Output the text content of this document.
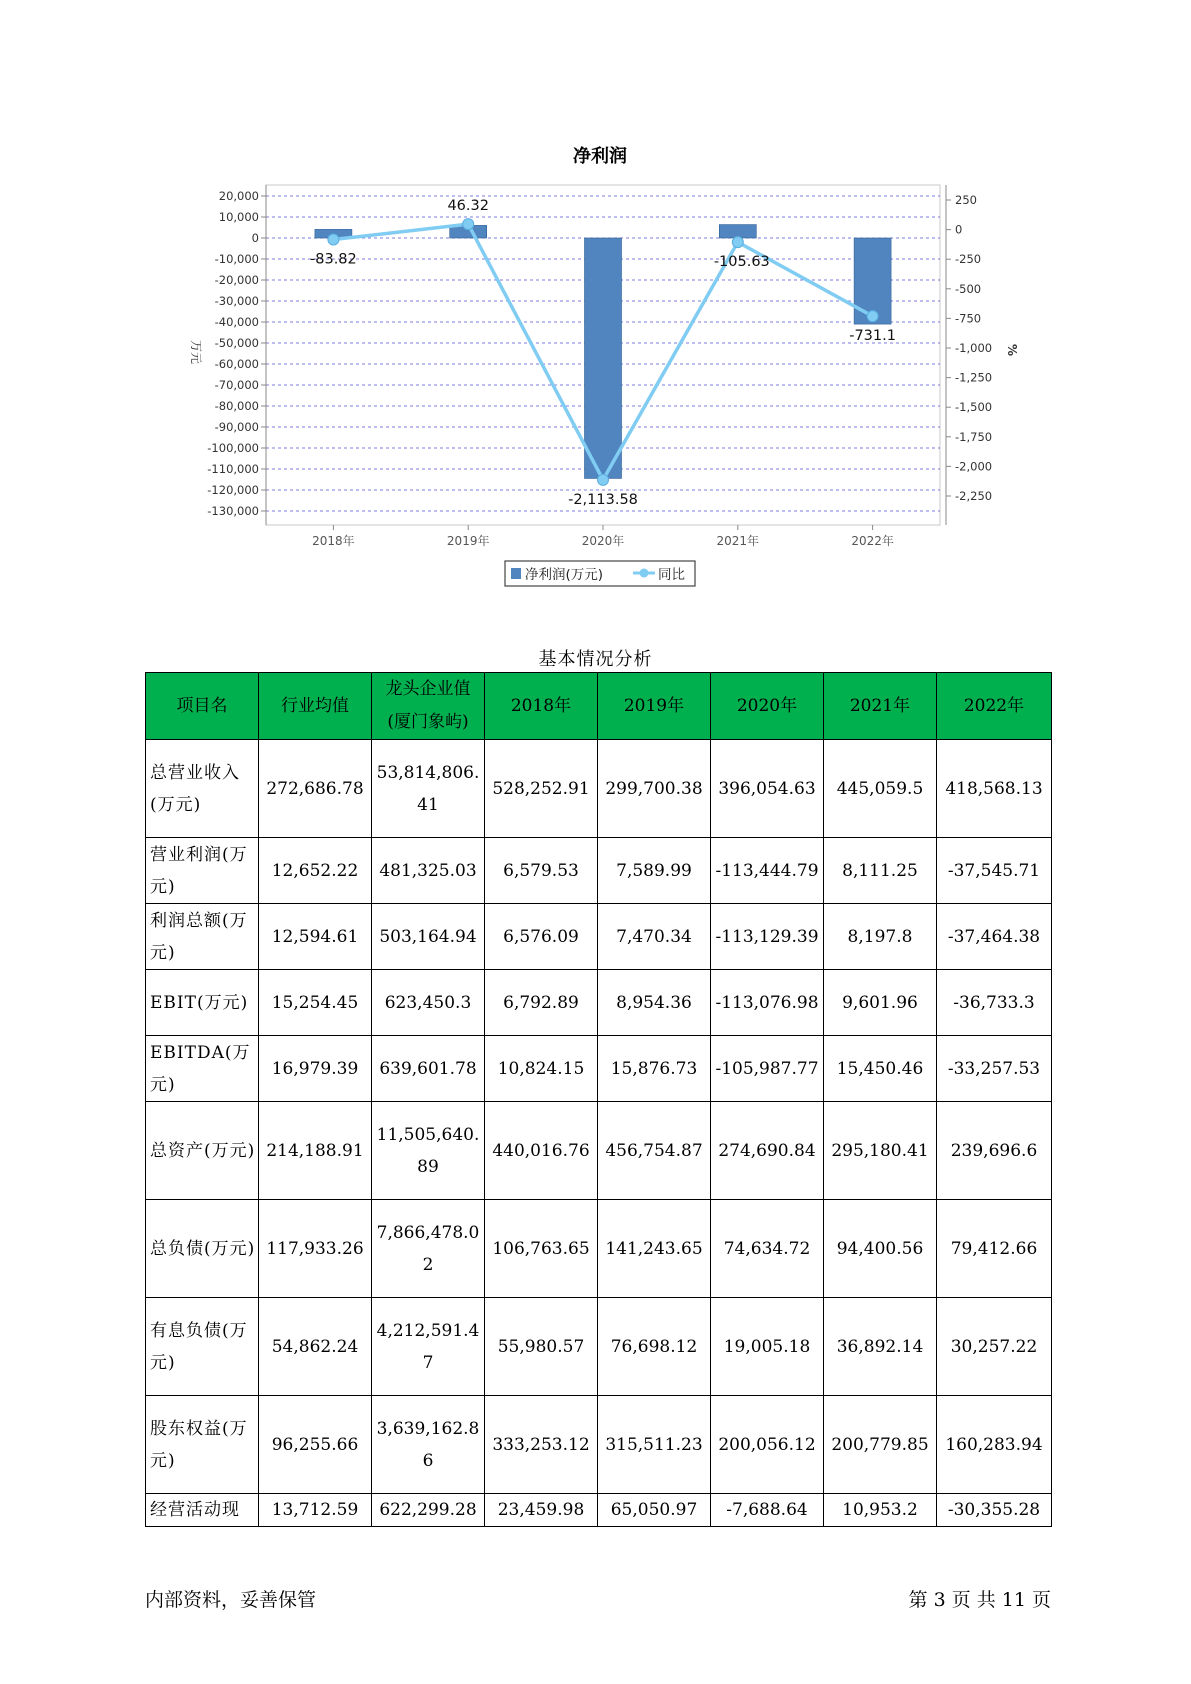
净利润
20,000
10,000
0
-10,000
-20,000
-30,000
-40,000
-50,000
-60,000
-70,000
-80,000
-90,000
-100,000
-110,000
-120,000
-130,000
250
0
-250
-500
-750
-1,000
-1,250
-1,500
-1,750
-2,000
-2,250
万元	%
2018年	2019年	2020年	2021年	2022年
-83.82
46.32
-2,113.58
-105.63
-731.1
净利润(万元)	同比
基本情况分析
项目名	行业均值	龙头企业值(厦门象屿)	2018年	2019年	2020年	2021年	2022年
总营业收入(万元)	272,686.78	53,814,806.41	528,252.91	299,700.38	396,054.63	445,059.5	418,568.13
营业利润(万元)	12,652.22	481,325.03	6,579.53	7,589.99	-113,444.79	8,111.25	-37,545.71
利润总额(万元)	12,594.61	503,164.94	6,576.09	7,470.34	-113,129.39	8,197.8	-37,464.38
EBIT(万元)	15,254.45	623,450.3	6,792.89	8,954.36	-113,076.98	9,601.96	-36,733.3
EBITDA(万元)	16,979.39	639,601.78	10,824.15	15,876.73	-105,987.77	15,450.46	-33,257.53
总资产(万元)	214,188.91	11,505,640.89	440,016.76	456,754.87	274,690.84	295,180.41	239,696.6
总负债(万元)	117,933.26	7,866,478.02	106,763.65	141,243.65	74,634.72	94,400.56	79,412.66
有息负债(万元)	54,862.24	4,212,591.47	55,980.57	76,698.12	19,005.18	36,892.14	30,257.22
股东权益(万元)	96,255.66	3,639,162.86	333,253.12	315,511.23	200,056.12	200,779.85	160,283.94
经营活动现	13,712.59	622,299.28	23,459.98	65,050.97	-7,688.64	10,953.2	-30,355.28
内部资料，妥善保管	第 3 页 共 11 页
